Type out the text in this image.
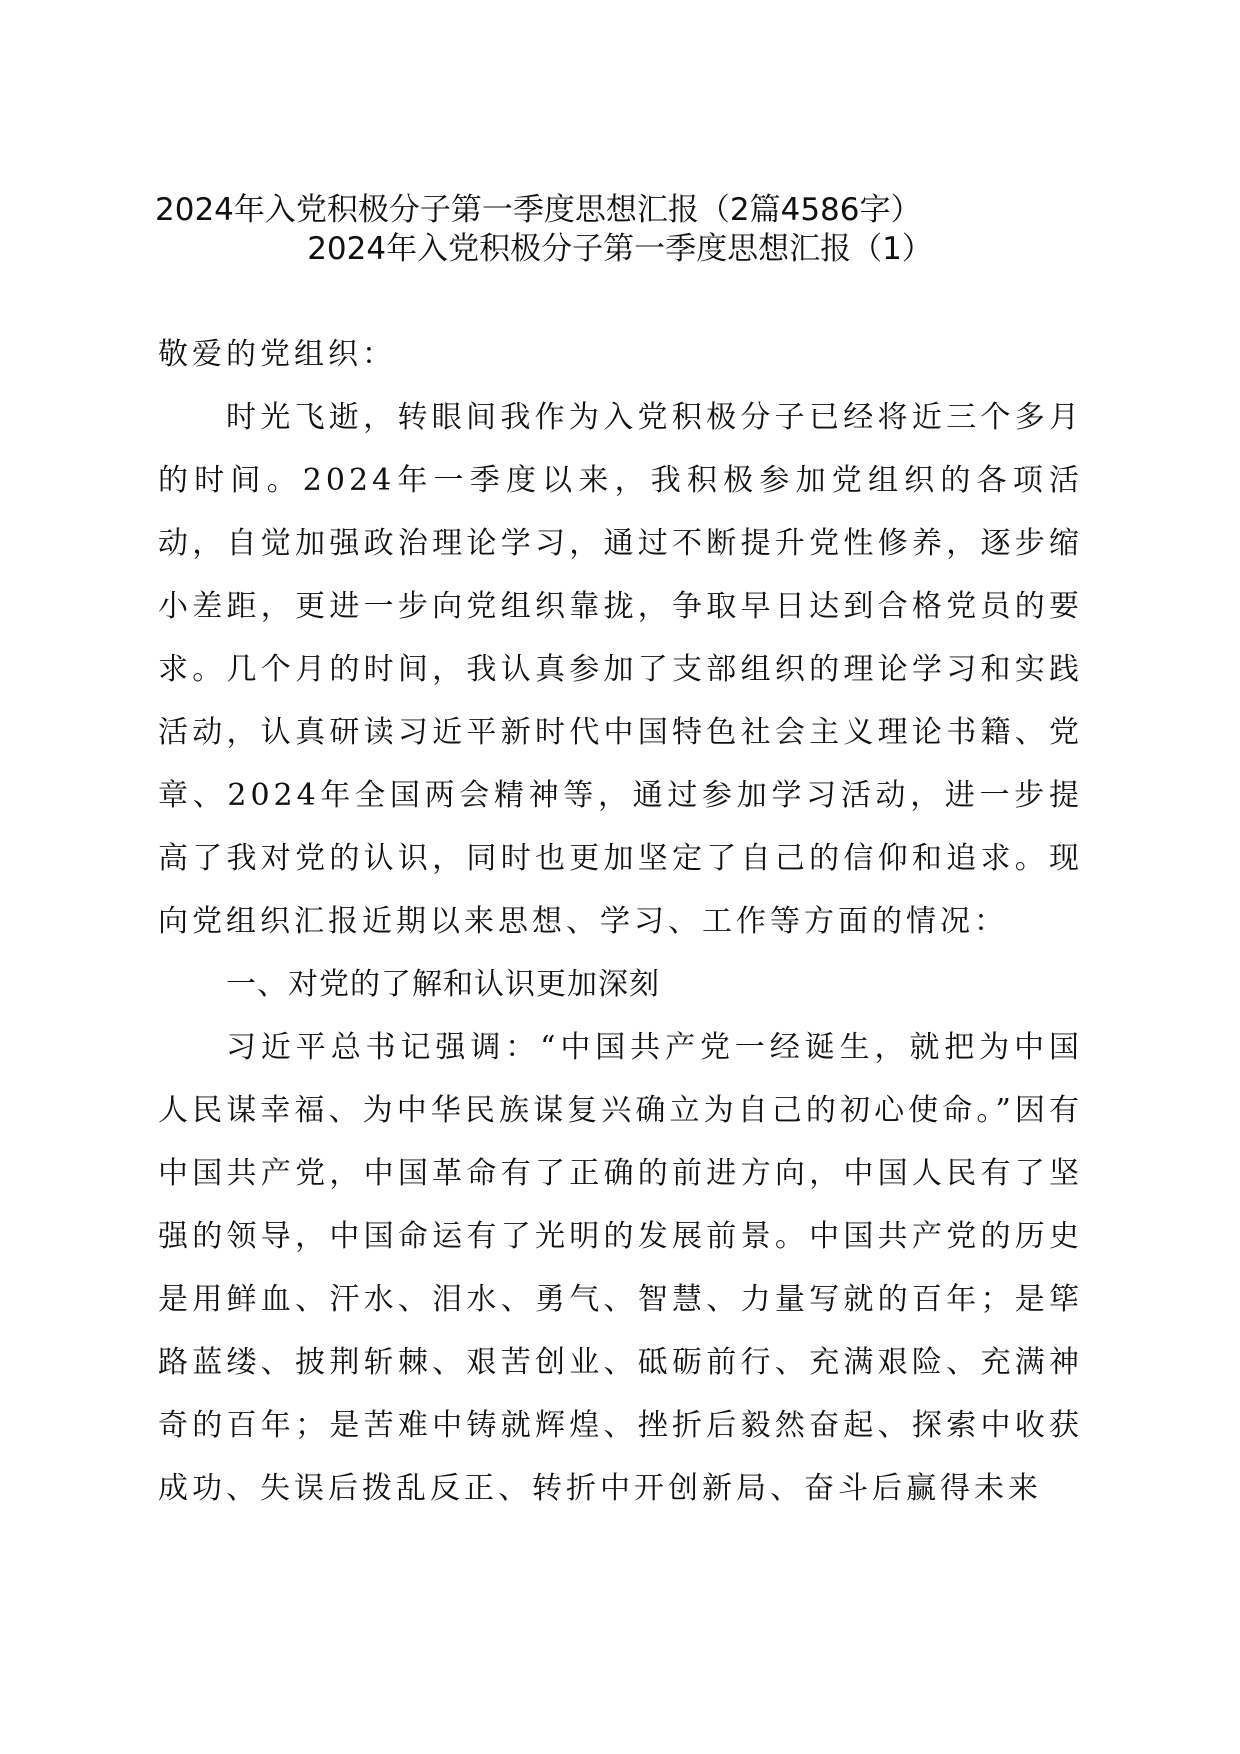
2024年入党积极分子第一季度思想汇报（2篇4586字）
2024年入党积极分子第一季度思想汇报（1）

敬爱的党组织：

时光飞逝，转眼间我作为入党积极分子已经将近三个多月的时间。2024年一季度以来，我积极参加党组织的各项活动，自觉加强政治理论学习，通过不断提升党性修养，逐步缩小差距，更进一步向党组织靠拢，争取早日达到合格党员的要求。几个月的时间，我认真参加了支部组织的理论学习和实践活动，认真研读习近平新时代中国特色社会主义理论书籍、党章、2024年全国两会精神等，通过参加学习活动，进一步提高了我对党的认识，同时也更加坚定了自己的信仰和追求。现向党组织汇报近期以来思想、学习、工作等方面的情况：

一、对党的了解和认识更加深刻

习近平总书记强调：“中国共产党一经诞生，就把为中国人民谋幸福、为中华民族谋复兴确立为自己的初心使命。”因有中国共产党，中国革命有了正确的前进方向，中国人民有了坚强的领导，中国命运有了光明的发展前景。中国共产党的历史是用鲜血、汗水、泪水、勇气、智慧、力量写就的百年；是筚路蓝缕、披荆斩棘、艰苦创业、砥砺前行、充满艰险、充满神奇的百年；是苦难中铸就辉煌、挫折后毅然奋起、探索中收获成功、失误后拨乱反正、转折中开创新局、奋斗后赢得未来
